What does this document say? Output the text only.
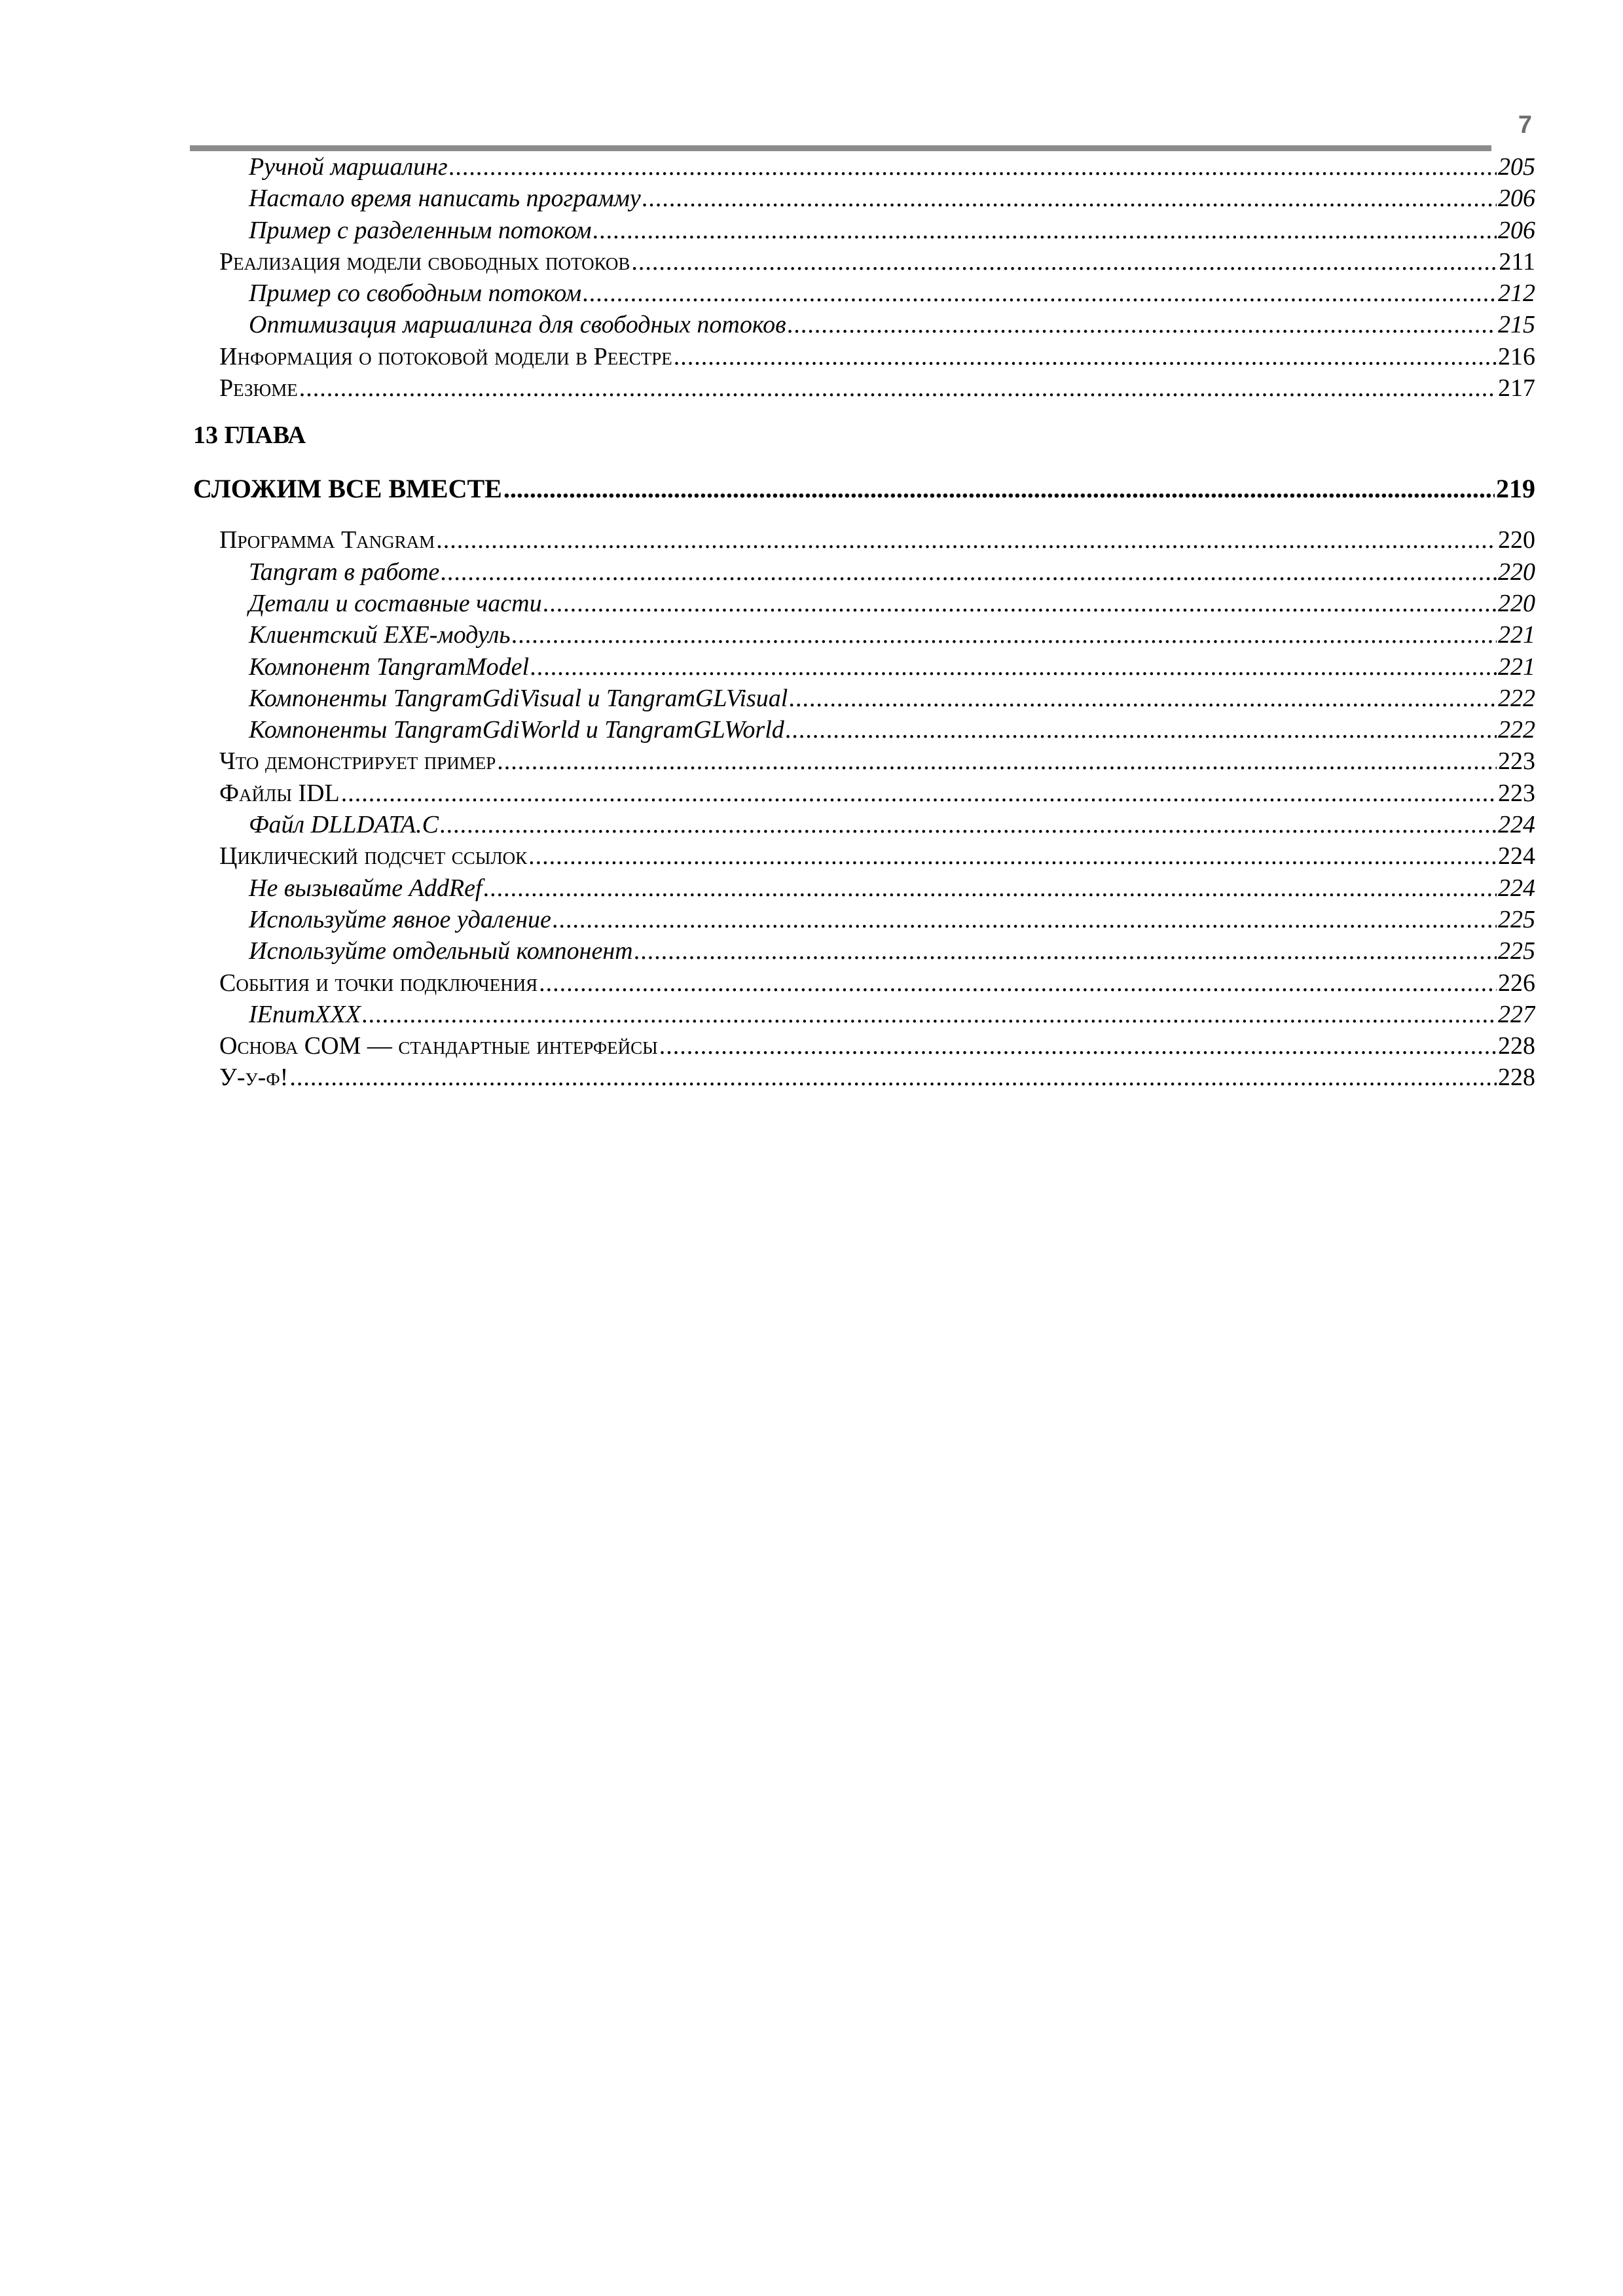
7
Ручной маршалинг .....	205
Настало время написать программу .....	206
Пример с разделенным потоком .....	206
Реализация модели свободных потоков .....	211
Пример со свободным потоком .....	212
Оптимизация маршалинга для свободных потоков .....	215
Информация о потоковой модели в Реестре .....	216
Резюме .....	217
13 ГЛАВА
СЛОЖИМ ВСЕ ВМЕСТЕ .....	219
Программа Tangram .....	220
Tangram в работе .....	220
Детали и составные части .....	220
Клиентский EXE-модуль .....	221
Компонент TangramModel .....	221
Компоненты TangramGdiVisual и TangramGLVisual .....	222
Компоненты TangramGdiWorld и TangramGLWorld .....	222
Что демонстрирует пример .....	223
Файлы IDL .....	223
Файл DLLDATA.C .....	224
Циклический подсчет ссылок .....	224
Не вызывайте AddRef .....	224
Используйте явное удаление .....	225
Используйте отдельный компонент .....	225
События и точки подключения .....	226
IEnumXXX .....	227
Основа COM — стандартные интерфейсы .....	228
У-у-ф! .....	228
